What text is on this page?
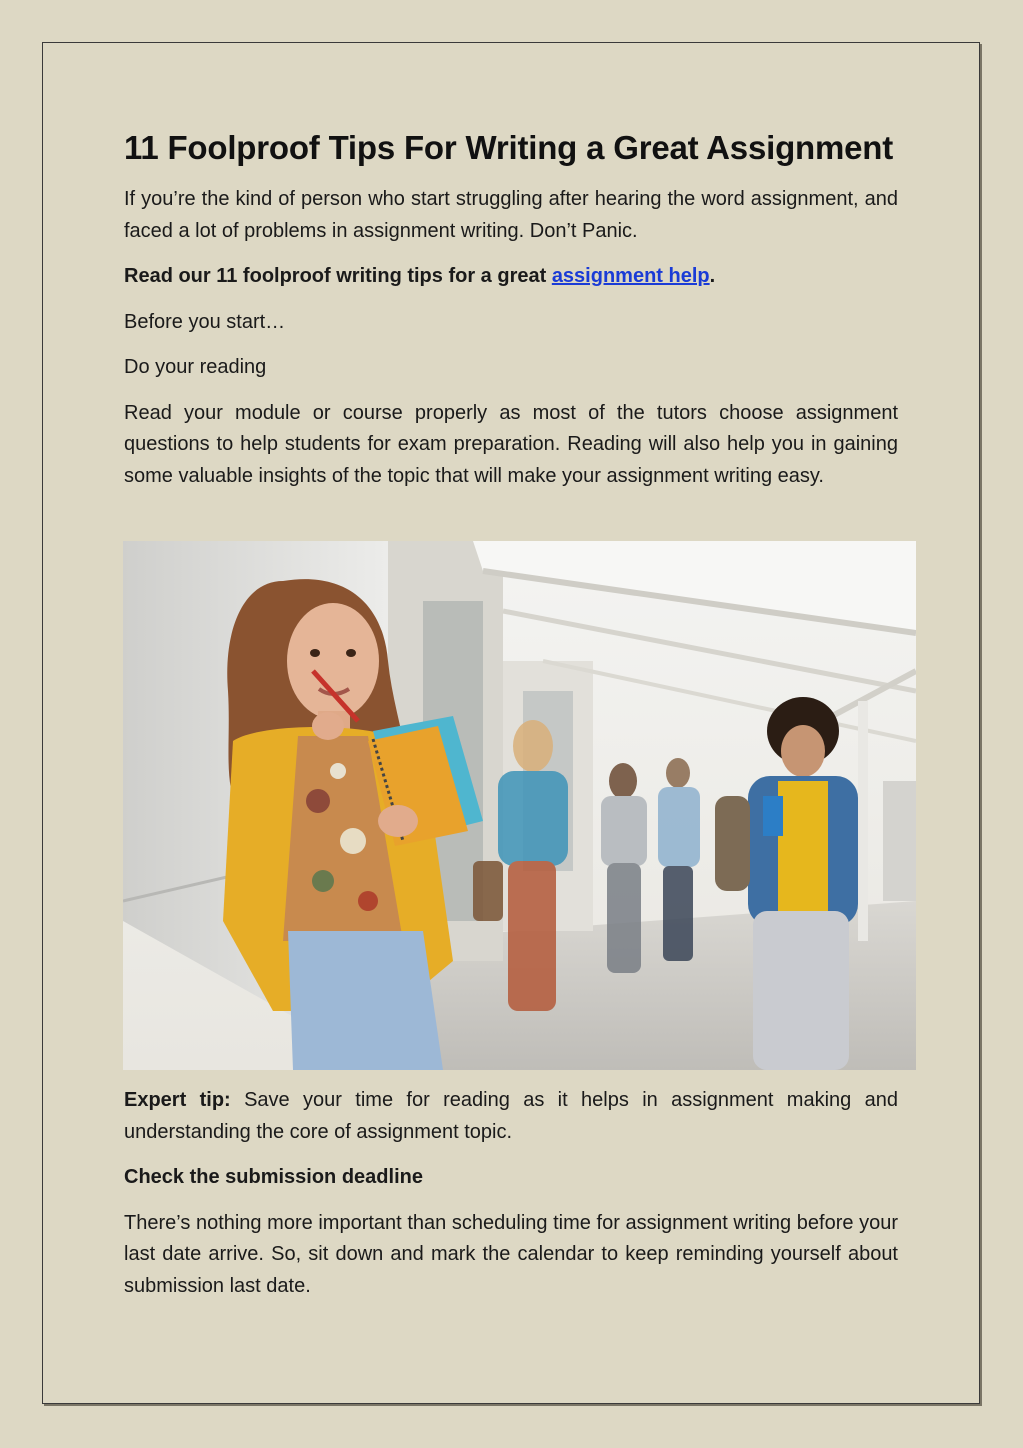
11 Foolproof Tips For Writing a Great Assignment

If you’re the kind of person who start struggling after hearing the word assignment, and faced a lot of problems in assignment writing. Don’t Panic.

Read our 11 foolproof writing tips for a great assignment help.

Before you start…

Do your reading

Read your module or course properly as most of the tutors choose assignment questions to help students for exam preparation. Reading will also help you in gaining some valuable insights of the topic that will make your assignment writing easy.

Expert tip: Save your time for reading as it helps in assignment making and understanding the core of assignment topic.

Check the submission deadline

There’s nothing more important than scheduling time for assignment writing before your last date arrive. So, sit down and mark the calendar to keep reminding yourself about submission last date.
